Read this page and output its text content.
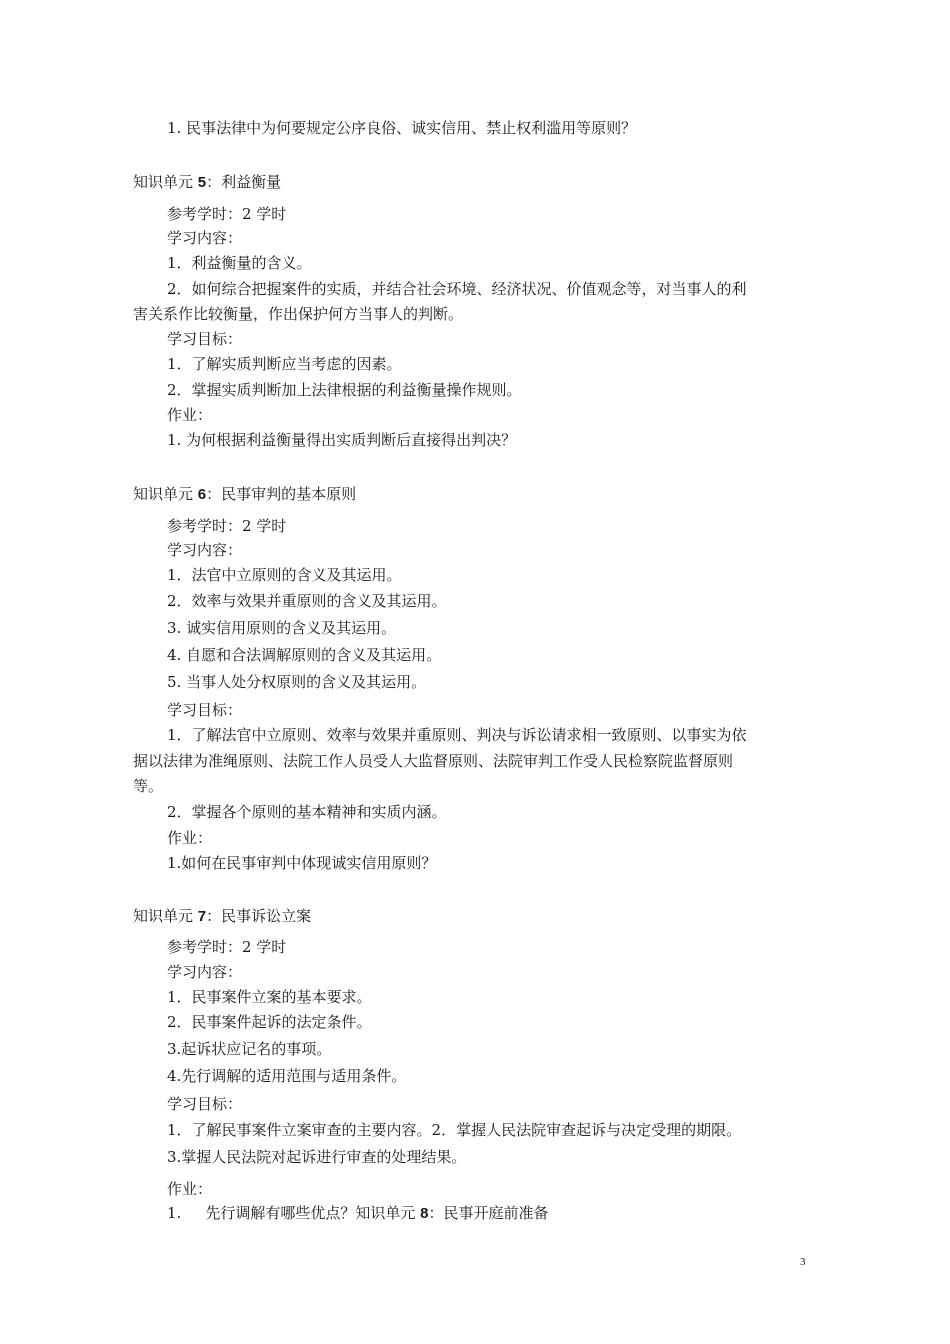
1. 民事法律中为何要规定公序良俗、诚实信用、禁止权利滥用等原则？
知识单元 5：利益衡量
参考学时：2 学时
学习内容：
1．利益衡量的含义。
2．如何综合把握案件的实质，并结合社会环境、经济状况、价值观念等，对当事人的利
害关系作比较衡量，作出保护何方当事人的判断。
学习目标：
1．了解实质判断应当考虑的因素。
2．掌握实质判断加上法律根据的利益衡量操作规则。
作业：
1. 为何根据利益衡量得出实质判断后直接得出判决？
知识单元 6：民事审判的基本原则
参考学时：2 学时
学习内容：
1．法官中立原则的含义及其运用。
2．效率与效果并重原则的含义及其运用。
3. 诚实信用原则的含义及其运用。
4. 自愿和合法调解原则的含义及其运用。
5. 当事人处分权原则的含义及其运用。
学习目标：
1．了解法官中立原则、效率与效果并重原则、判决与诉讼请求相一致原则、以事实为依
据以法律为准绳原则、法院工作人员受人大监督原则、法院审判工作受人民检察院监督原则
等。
2．掌握各个原则的基本精神和实质内涵。
作业：
1.如何在民事审判中体现诚实信用原则？
知识单元 7：民事诉讼立案
参考学时：2 学时
学习内容：
1．民事案件立案的基本要求。
2．民事案件起诉的法定条件。
3.起诉状应记名的事项。
4.先行调解的适用范围与适用条件。
学习目标：
1．了解民事案件立案审查的主要内容。2．掌握人民法院审查起诉与决定受理的期限。
3.掌握人民法院对起诉进行审查的处理结果。
作业：
1. 先行调解有哪些优点？知识单元 8：民事开庭前准备
3
